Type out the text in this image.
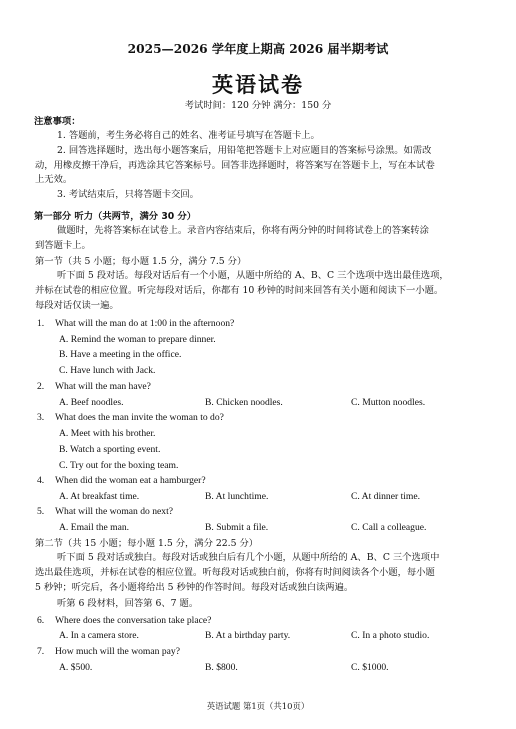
2025—2026 学年度上期高 2026 届半期考试
英语试卷
考试时间：120 分钟 满分：150 分
注意事项：
1. 答题前，考生务必将自己的姓名、准考证号填写在答题卡上。
2. 回答选择题时，选出每小题答案后，用铅笔把答题卡上对应题目的答案标号涂黑。如需改
动，用橡皮擦干净后，再选涂其它答案标号。回答非选择题时，将答案写在答题卡上，写在本试卷
上无效。
3. 考试结束后，只将答题卡交回。
第一部分 听力（共两节，满分 30 分）
做题时，先将答案标在试卷上。录音内容结束后，你将有两分钟的时间将试卷上的答案转涂
到答题卡上。
第一节（共 5 小题；每小题 1.5 分，满分 7.5 分）
听下面 5 段对话。每段对话后有一个小题，从题中所给的 A、B、C 三个选项中选出最佳选项，
并标在试卷的相应位置。听完每段对话后，你都有 10 秒钟的时间来回答有关小题和阅读下一小题。
每段对话仅读一遍。
1. What will the man do at 1:00 in the afternoon?
A. Remind the woman to prepare dinner.
B. Have a meeting in the office.
C. Have lunch with Jack.
2. What will the man have?
A. Beef noodles.	B. Chicken noodles.	C. Mutton noodles.
3. What does the man invite the woman to do?
A. Meet with his brother.
B. Watch a sporting event.
C. Try out for the boxing team.
4. When did the woman eat a hamburger?
A. At breakfast time.	B. At lunchtime.	C. At dinner time.
5. What will the woman do next?
A. Email the man.	B. Submit a file.	C. Call a colleague.
第二节（共 15 小题；每小题 1.5 分，满分 22.5 分）
听下面 5 段对话或独白。每段对话或独白后有几个小题，从题中所给的 A、B、C 三个选项中
选出最佳选项，并标在试卷的相应位置。听每段对话或独白前，你将有时间阅读各个小题，每小题
5 秒钟；听完后，各小题将给出 5 秒钟的作答时间。每段对话或独白读两遍。
听第 6 段材料，回答第 6、7 题。
6. Where does the conversation take place?
A. In a camera store.	B. At a birthday party.	C. In a photo studio.
7. How much will the woman pay?
A. $500.	B. $800.	C. $1000.
英语试题 第1页（共10页）
